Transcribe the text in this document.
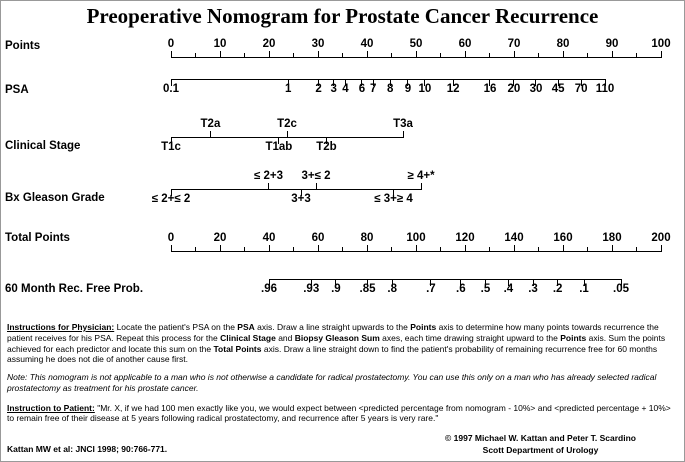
Preoperative Nomogram for Prostate Cancer Recurrence
Points
PSA
Clinical Stage
Bx Gleason Grade
Total Points
60 Month Rec. Free Prob.
0	10	20	30	40	50	60	70	80	90	100
0.1	1 2 3 4 6 7 8 9 10 12 16 20 30 45 70 110
T1c
T2a
T1ab
T2c
T2b
T3a
≤ 2+≤ 2
≤ 2+3
3+3
3+≤ 2
≤ 3+≥ 4
≥ 4+*
0	20	40	60	80	100	120	140	160	180	200
.96 .93 .9 .85 .8	.7 .6 .5 .4 .3 .2 .1 .05

Instructions for Physician: Locate the patient's PSA on the PSA axis. Draw a line straight upwards to the Points axis to determine how many points towards recurrence the patient receives for his PSA. Repeat this process for the Clinical Stage and Biopsy Gleason Sum axes, each time drawing straight upward to the Points axis. Sum the points achieved for each predictor and locate this sum on the Total Points axis. Draw a line straight down to find the patient's probability of remaining recurrence free for 60 months assuming he does not die of another cause first.

Note: This nomogram is not applicable to a man who is not otherwise a candidate for radical prostatectomy. You can use this only on a man who has already selected radical prostatectomy as treatment for his prostate cancer.

Instruction to Patient: "Mr. X, if we had 100 men exactly like you, we would expect between <predicted percentage from nomogram - 10%> and <predicted percentage + 10%> to remain free of their disease at 5 years following radical prostatectomy, and recurrence after 5 years is very rare."

Kattan MW et al: JNCI 1998; 90:766-771.
© 1997 Michael W. Kattan and Peter T. Scardino
Scott Department of Urology
